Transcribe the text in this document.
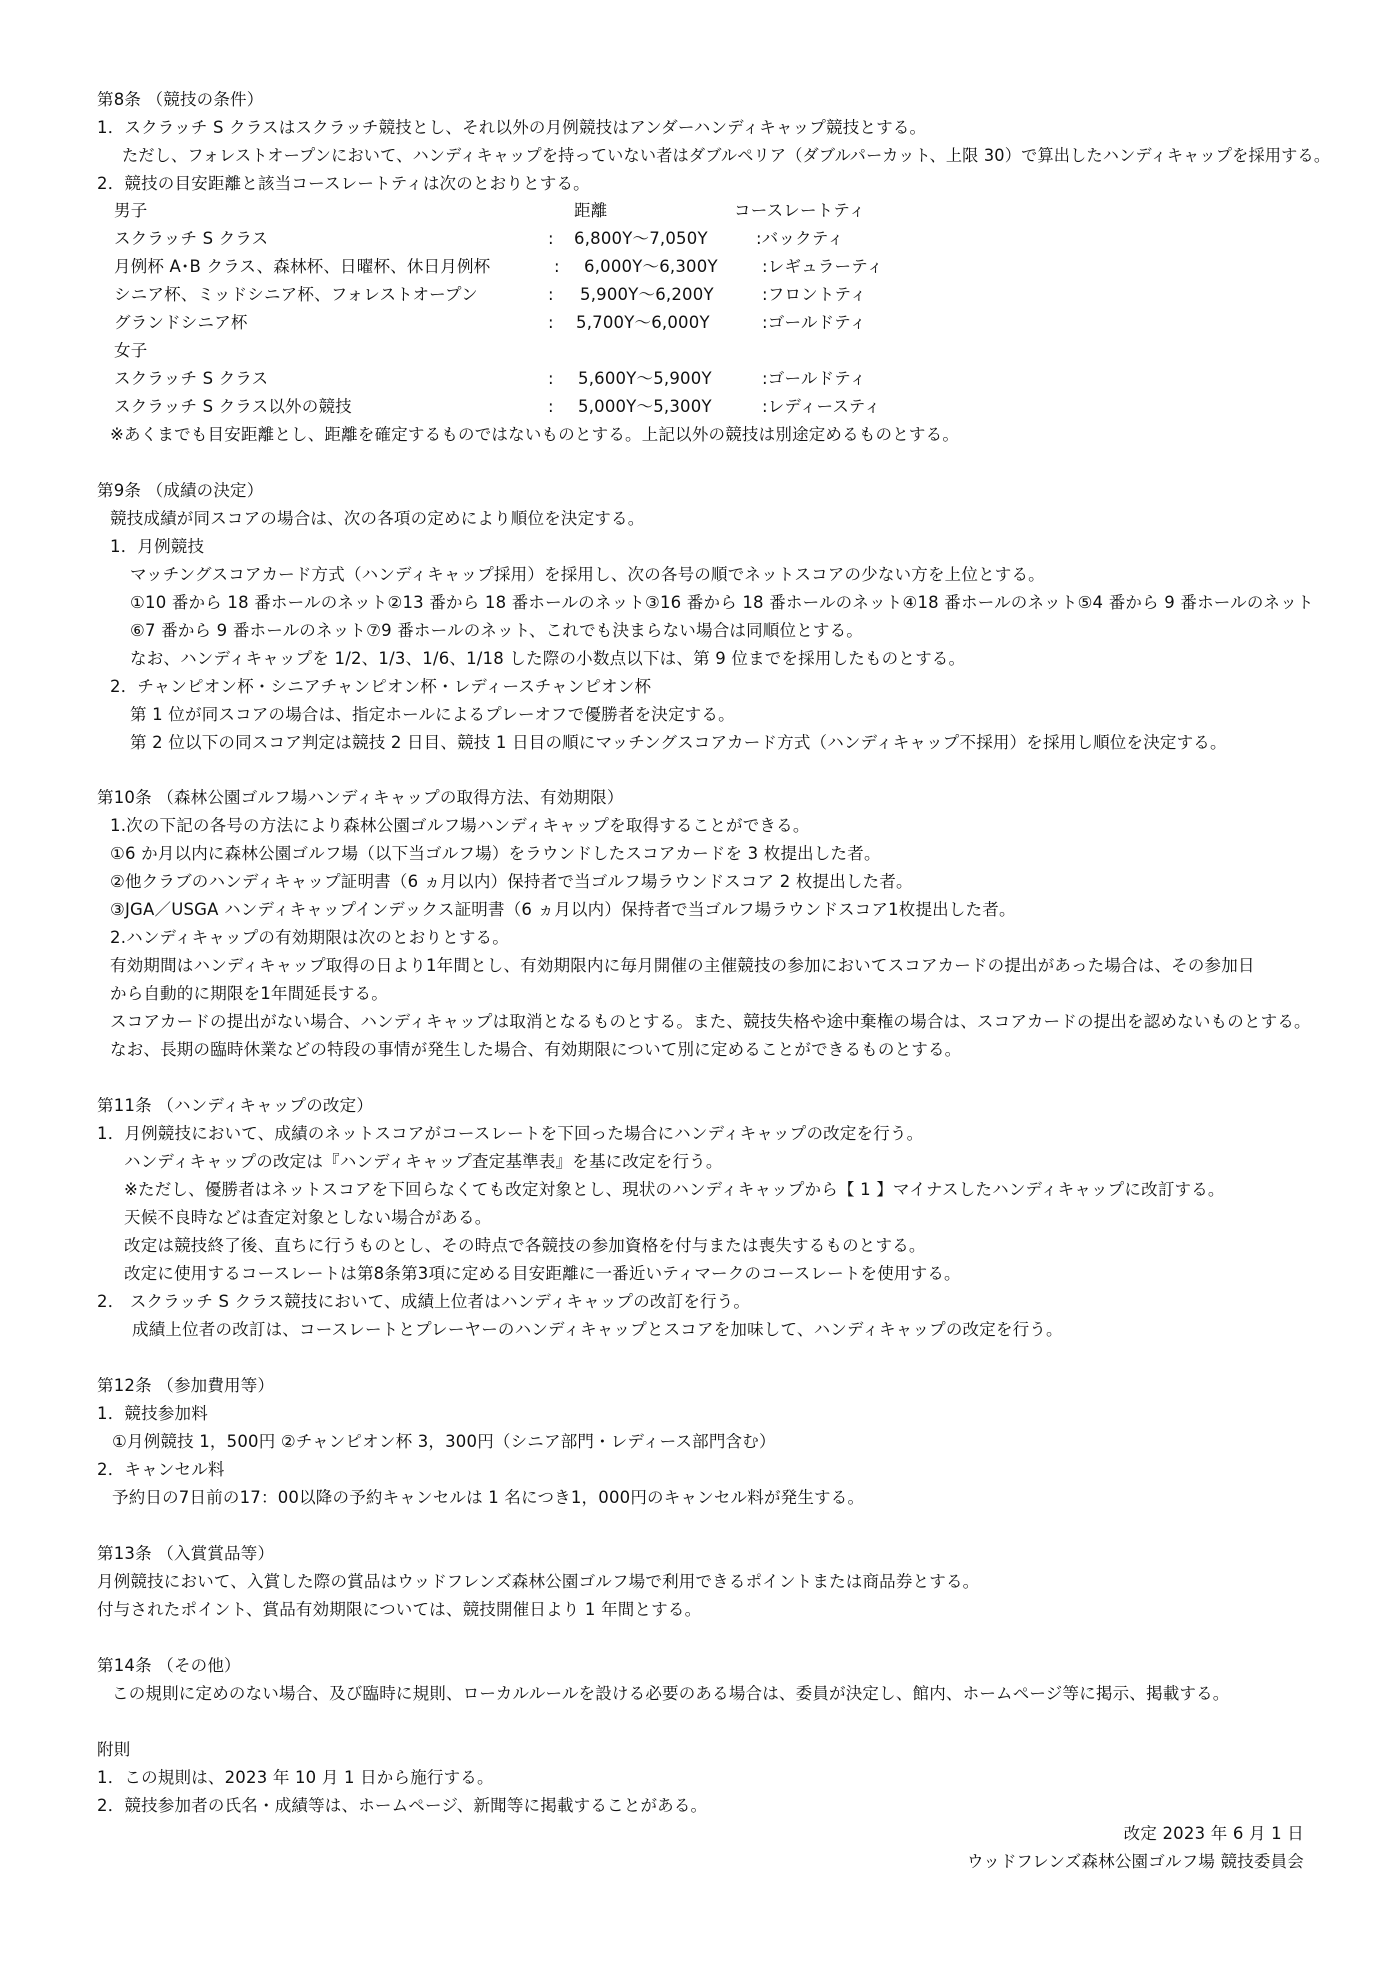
第8条 （競技の条件）
1．スクラッチ S クラスはスクラッチ競技とし、それ以外の月例競技はアンダーハンディキャップ競技とする。
ただし、フォレストオープンにおいて、ハンディキャップを持っていない者はダブルペリア（ダブルパーカット、上限 30）で算出したハンディキャップを採用する。
2．競技の目安距離と該当コースレートティは次のとおりとする。
男子	距離	コースレートティ
スクラッチ S クラス	: 6,800Y～7,050Y	:バックティ
月例杯 A･B クラス、森林杯、日曜杯、休日月例杯	: 6,000Y～6,300Y	:レギュラーティ
シニア杯、ミッドシニア杯、フォレストオープン	: 5,900Y～6,200Y	:フロントティ
グランドシニア杯	: 5,700Y～6,000Y	:ゴールドティ
女子
スクラッチ S クラス	: 5,600Y～5,900Y	:ゴールドティ
スクラッチ S クラス以外の競技	: 5,000Y～5,300Y	:レディースティ
※あくまでも目安距離とし、距離を確定するものではないものとする。上記以外の競技は別途定めるものとする。
第9条 （成績の決定）
競技成績が同スコアの場合は、次の各項の定めにより順位を決定する。
1．月例競技
マッチングスコアカード方式（ハンディキャップ採用）を採用し、次の各号の順でネットスコアの少ない方を上位とする。
①10 番から 18 番ホールのネット②13 番から 18 番ホールのネット③16 番から 18 番ホールのネット④18 番ホールのネット⑤4 番から 9 番ホールのネット
⑥7 番から 9 番ホールのネット⑦9 番ホールのネット、これでも決まらない場合は同順位とする。
なお、ハンディキャップを 1/2、1/3、1/6、1/18 した際の小数点以下は、第 9 位までを採用したものとする。
2．チャンピオン杯・シニアチャンピオン杯・レディースチャンピオン杯
第 1 位が同スコアの場合は、指定ホールによるプレーオフで優勝者を決定する。
第 2 位以下の同スコア判定は競技 2 日目、競技 1 日目の順にマッチングスコアカード方式（ハンディキャップ不採用）を採用し順位を決定する。
第10条 （森林公園ゴルフ場ハンディキャップの取得方法、有効期限）
1.次の下記の各号の方法により森林公園ゴルフ場ハンディキャップを取得することができる。
①6 か月以内に森林公園ゴルフ場（以下当ゴルフ場）をラウンドしたスコアカードを 3 枚提出した者。
②他クラブのハンディキャップ証明書（6 ヵ月以内）保持者で当ゴルフ場ラウンドスコア 2 枚提出した者。
③JGA／USGA ハンディキャップインデックス証明書（6 ヵ月以内）保持者で当ゴルフ場ラウンドスコア1枚提出した者。
2.ハンディキャップの有効期限は次のとおりとする。
有効期間はハンディキャップ取得の日より1年間とし、有効期限内に毎月開催の主催競技の参加においてスコアカードの提出があった場合は、その参加日
から自動的に期限を1年間延長する。
スコアカードの提出がない場合、ハンディキャップは取消となるものとする。また、競技失格や途中棄権の場合は、スコアカードの提出を認めないものとする。
なお、長期の臨時休業などの特段の事情が発生した場合、有効期限について別に定めることができるものとする。
第11条 （ハンディキャップの改定）
1．月例競技において、成績のネットスコアがコースレートを下回った場合にハンディキャップの改定を行う。
ハンディキャップの改定は『ハンディキャップ査定基準表』を基に改定を行う。
※ただし、優勝者はネットスコアを下回らなくても改定対象とし、現状のハンディキャップから【 1 】マイナスしたハンディキャップに改訂する。
天候不良時などは査定対象としない場合がある。
改定は競技終了後、直ちに行うものとし、その時点で各競技の参加資格を付与または喪失するものとする。
改定に使用するコースレートは第8条第3項に定める目安距離に一番近いティマークのコースレートを使用する。
2． スクラッチ S クラス競技において、成績上位者はハンディキャップの改訂を行う。
成績上位者の改訂は、コースレートとプレーヤーのハンディキャップとスコアを加味して、ハンディキャップの改定を行う。
第12条 （参加費用等）
1．競技参加料
①月例競技 1，500円 ②チャンピオン杯 3，300円（シニア部門・レディース部門含む）
2．キャンセル料
予約日の7日前の17：00以降の予約キャンセルは 1 名につき1，000円のキャンセル料が発生する。
第13条 （入賞賞品等）
月例競技において、入賞した際の賞品はウッドフレンズ森林公園ゴルフ場で利用できるポイントまたは商品券とする。
付与されたポイント、賞品有効期限については、競技開催日より 1 年間とする。
第14条 （その他）
この規則に定めのない場合、及び臨時に規則、ローカルルールを設ける必要のある場合は、委員が決定し、館内、ホームページ等に掲示、掲載する。
附則
1．この規則は、2023 年 10 月 1 日から施行する。
2．競技参加者の氏名・成績等は、ホームページ、新聞等に掲載することがある。
改定 2023 年 6 月 1 日
ウッドフレンズ森林公園ゴルフ場 競技委員会
